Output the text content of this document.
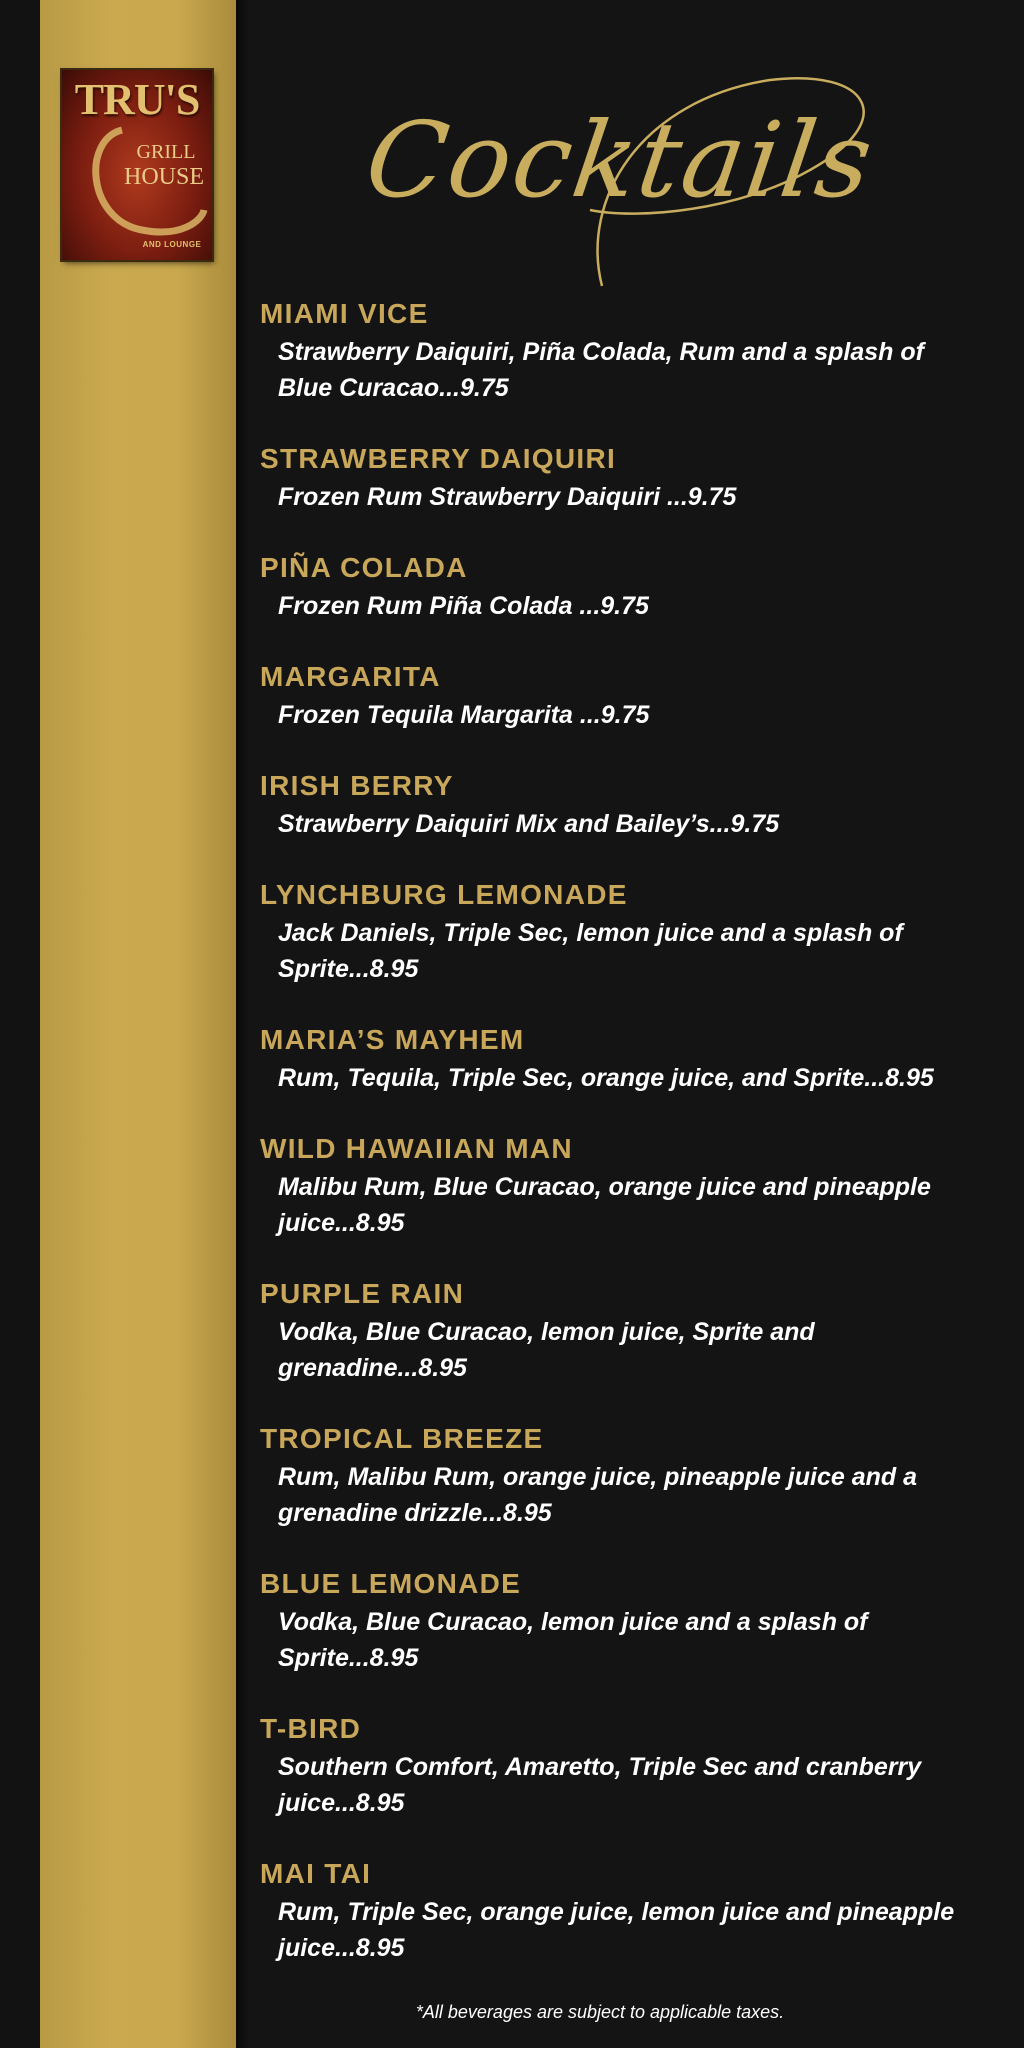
TRU'S
GRILL
HOUSE
AND LOUNGE
Cocktails
MIAMI VICE
Strawberry Daiquiri, Piña Colada, Rum and a splash of Blue Curacao...9.75
STRAWBERRY DAIQUIRI
Frozen Rum Strawberry Daiquiri ...9.75
PIÑA COLADA
Frozen Rum Piña Colada ...9.75
MARGARITA
Frozen Tequila Margarita ...9.75
IRISH BERRY
Strawberry Daiquiri Mix and Bailey’s...9.75
LYNCHBURG LEMONADE
Jack Daniels, Triple Sec, lemon juice and a splash of Sprite...8.95
MARIA’S MAYHEM
Rum, Tequila, Triple Sec, orange juice, and Sprite...8.95
WILD HAWAIIAN MAN
Malibu Rum, Blue Curacao, orange juice and pineapple juice...8.95
PURPLE RAIN
Vodka, Blue Curacao, lemon juice, Sprite and grenadine...8.95
TROPICAL BREEZE
Rum, Malibu Rum, orange juice, pineapple juice and a grenadine drizzle...8.95
BLUE LEMONADE
Vodka, Blue Curacao, lemon juice and a splash of Sprite...8.95
T-BIRD
Southern Comfort, Amaretto, Triple Sec and cranberry juice...8.95
MAI TAI
Rum, Triple Sec, orange juice, lemon juice and pineapple juice...8.95
*All beverages are subject to applicable taxes.
